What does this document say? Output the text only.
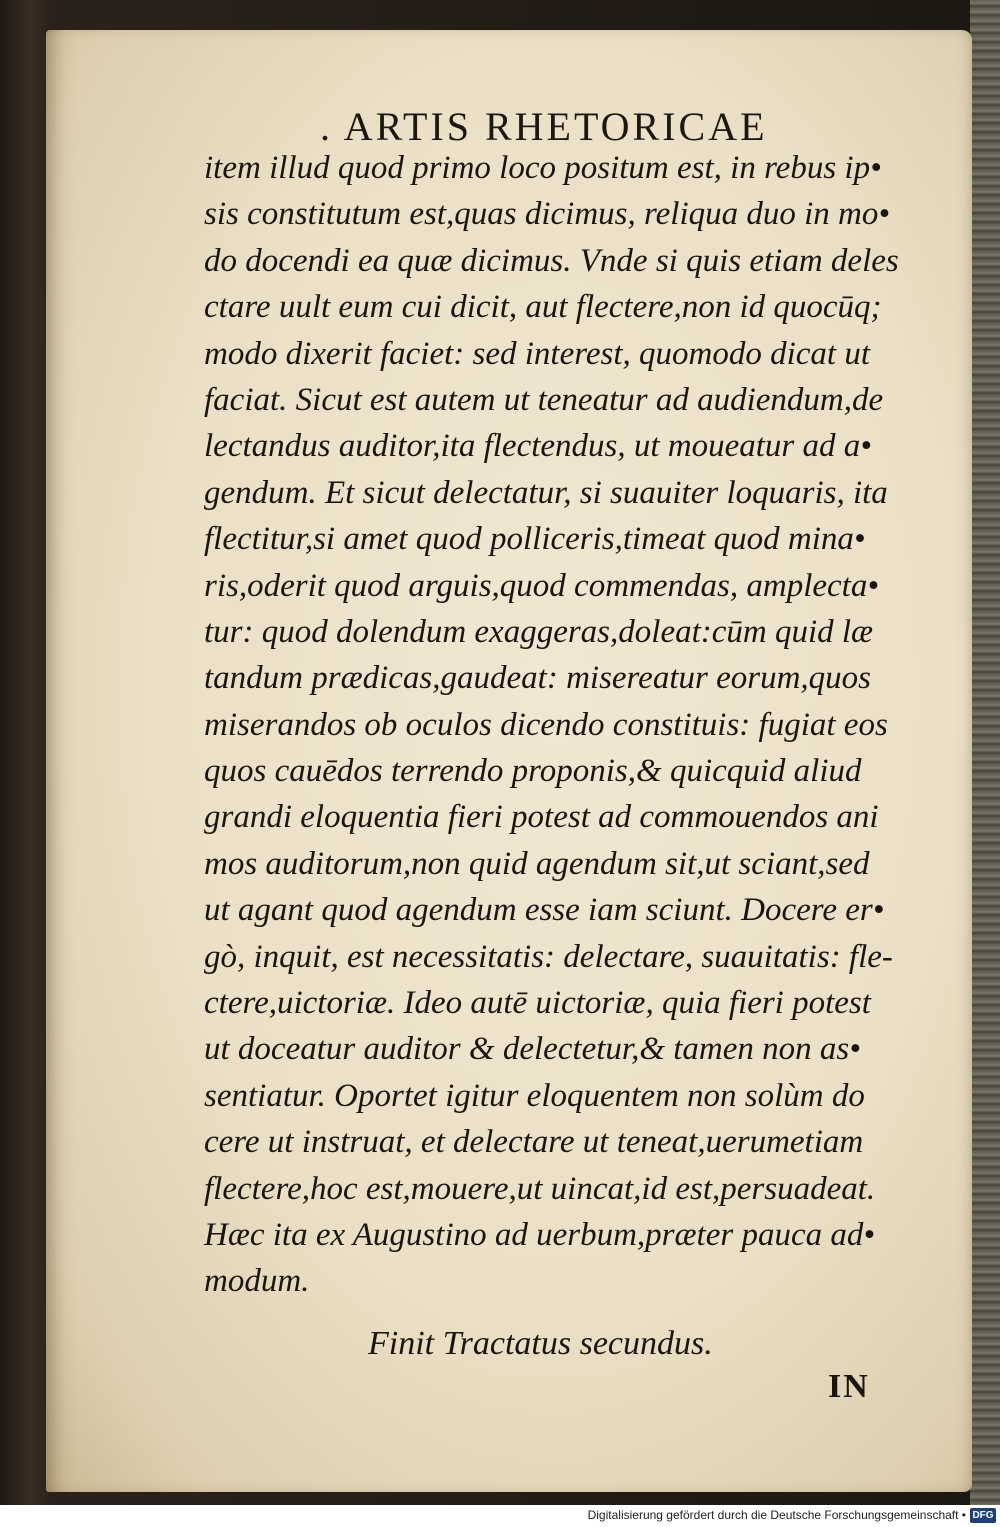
. ARTIS RHETORICAE
item illud quod primo loco positum est, in rebus ip•
sis constitutum est,quas dicimus, reliqua duo in mo•
do docendi ea quæ dicimus. Vnde si quis etiam deles
ctare uult eum cui dicit, aut flectere,non id quocūq;
modo dixerit faciet: sed interest, quomodo dicat ut
faciat. Sicut est autem ut teneatur ad audiendum,de
lectandus auditor,ita flectendus, ut moueatur ad a•
gendum. Et sicut delectatur, si suauiter loquaris, ita
flectitur,si amet quod polliceris,timeat quod mina•
ris,oderit quod arguis,quod commendas, amplecta•
tur: quod dolendum exaggeras,doleat:cūm quid læ
tandum prædicas,gaudeat: misereatur eorum,quos
miserandos ob oculos dicendo constituis: fugiat eos
quos cauēdos terrendo proponis,& quicquid aliud
grandi eloquentia fieri potest ad commouendos ani
mos auditorum,non quid agendum sit,ut sciant,sed
ut agant quod agendum esse iam sciunt. Docere er•
gò, inquit, est necessitatis: delectare, suauitatis: fle-
ctere,uictoriæ. Ideo autē uictoriæ, quia fieri potest
ut doceatur auditor & delectetur,& tamen non as•
sentiatur. Oportet igitur eloquentem non solùm do
cere ut instruat, et delectare ut teneat,uerumetiam
flectere,hoc est,mouere,ut uincat,id est,persuadeat.
Hæc ita ex Augustino ad uerbum,præter pauca ad•
modum.
Finit Tractatus secundus.
IN
Digitalisierung gefördert durch die Deutsche Forschungsgemeinschaft • DFG
